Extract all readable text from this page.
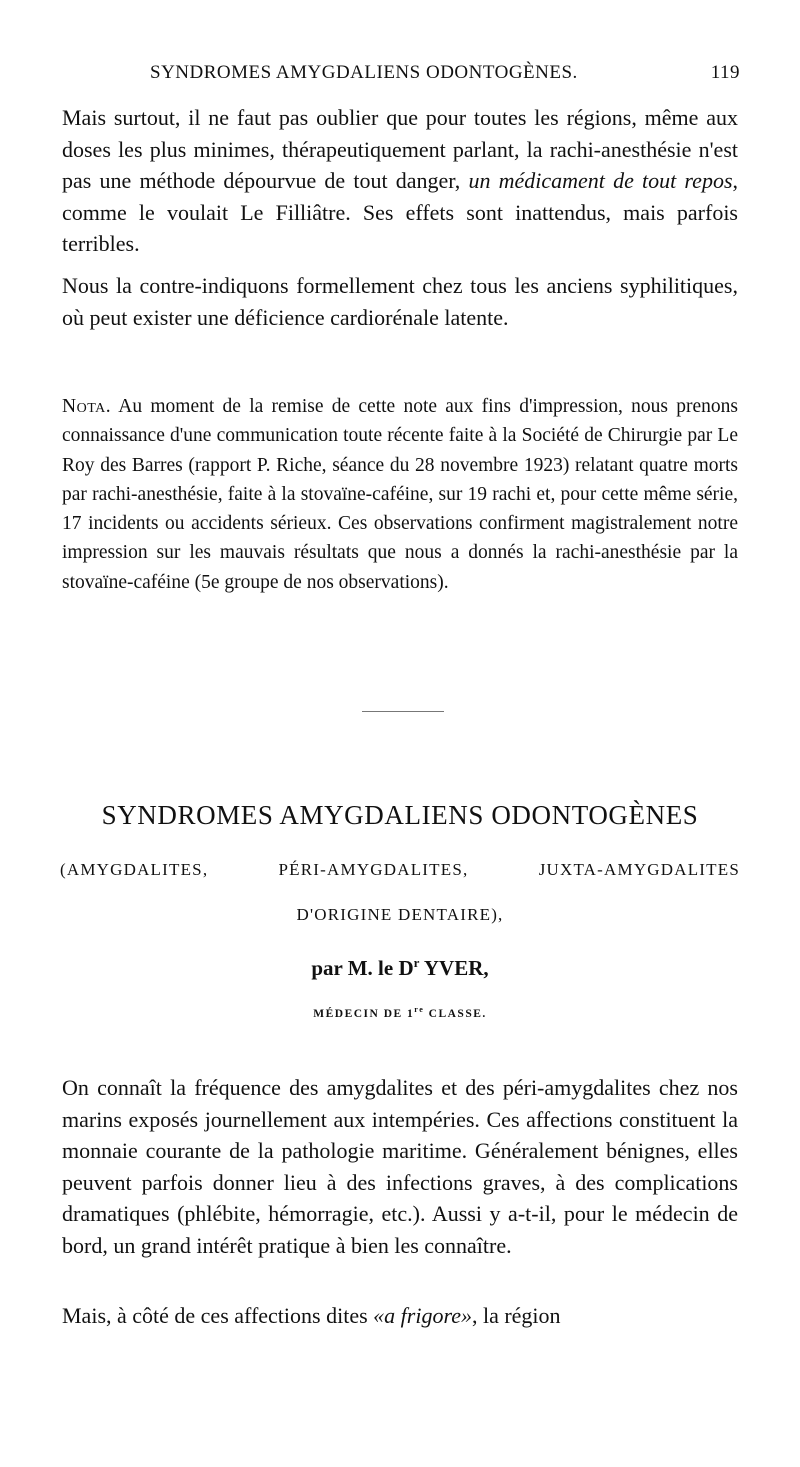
SYNDROMES AMYGDALIENS ODONTOGÈNES.	119

Mais surtout, il ne faut pas oublier que pour toutes les régions, même aux doses les plus minimes, thérapeutiquement parlant, la rachi-anesthésie n'est pas une méthode dépourvue de tout danger, un médicament de tout repos, comme le voulait Le Filliâtre. Ses effets sont inattendus, mais parfois terribles.

Nous la contre-indiquons formellement chez tous les anciens syphilitiques, où peut exister une déficience cardiorénale latente.

Nota. Au moment de la remise de cette note aux fins d'impression, nous prenons connaissance d'une communication toute récente faite à la Société de Chirurgie par Le Roy des Barres (rapport P. Riche, séance du 28 novembre 1923) relatant quatre morts par rachi-anesthésie, faite à la stovaïne-caféine, sur 19 rachi et, pour cette même série, 17 incidents ou accidents sérieux. Ces observations confirment magistralement notre impression sur les mauvais résultats que nous a donnés la rachi-anesthésie par la stovaïne-caféine (5e groupe de nos observations).

SYNDROMES AMYGDALIENS ODONTOGÈNES

(AMYGDALITES, PÉRI-AMYGDALITES, JUXTA-AMYGDALITES

D'ORIGINE DENTAIRE),

par M. le $D^r$ YVER,

MÉDECIN DE 1re CLASSE.

On connaît la fréquence des amygdalites et des péri-amygdalites chez nos marins exposés journellement aux intempéries. Ces affections constituent la monnaie courante de la pathologie maritime. Généralement bénignes, elles peuvent parfois donner lieu à des infections graves, à des complications dramatiques (phlébite, hémorragie, etc.). Aussi y a-t-il, pour le médecin de bord, un grand intérêt pratique à bien les connaître.

Mais, à côté de ces affections dites «a frigore», la région
